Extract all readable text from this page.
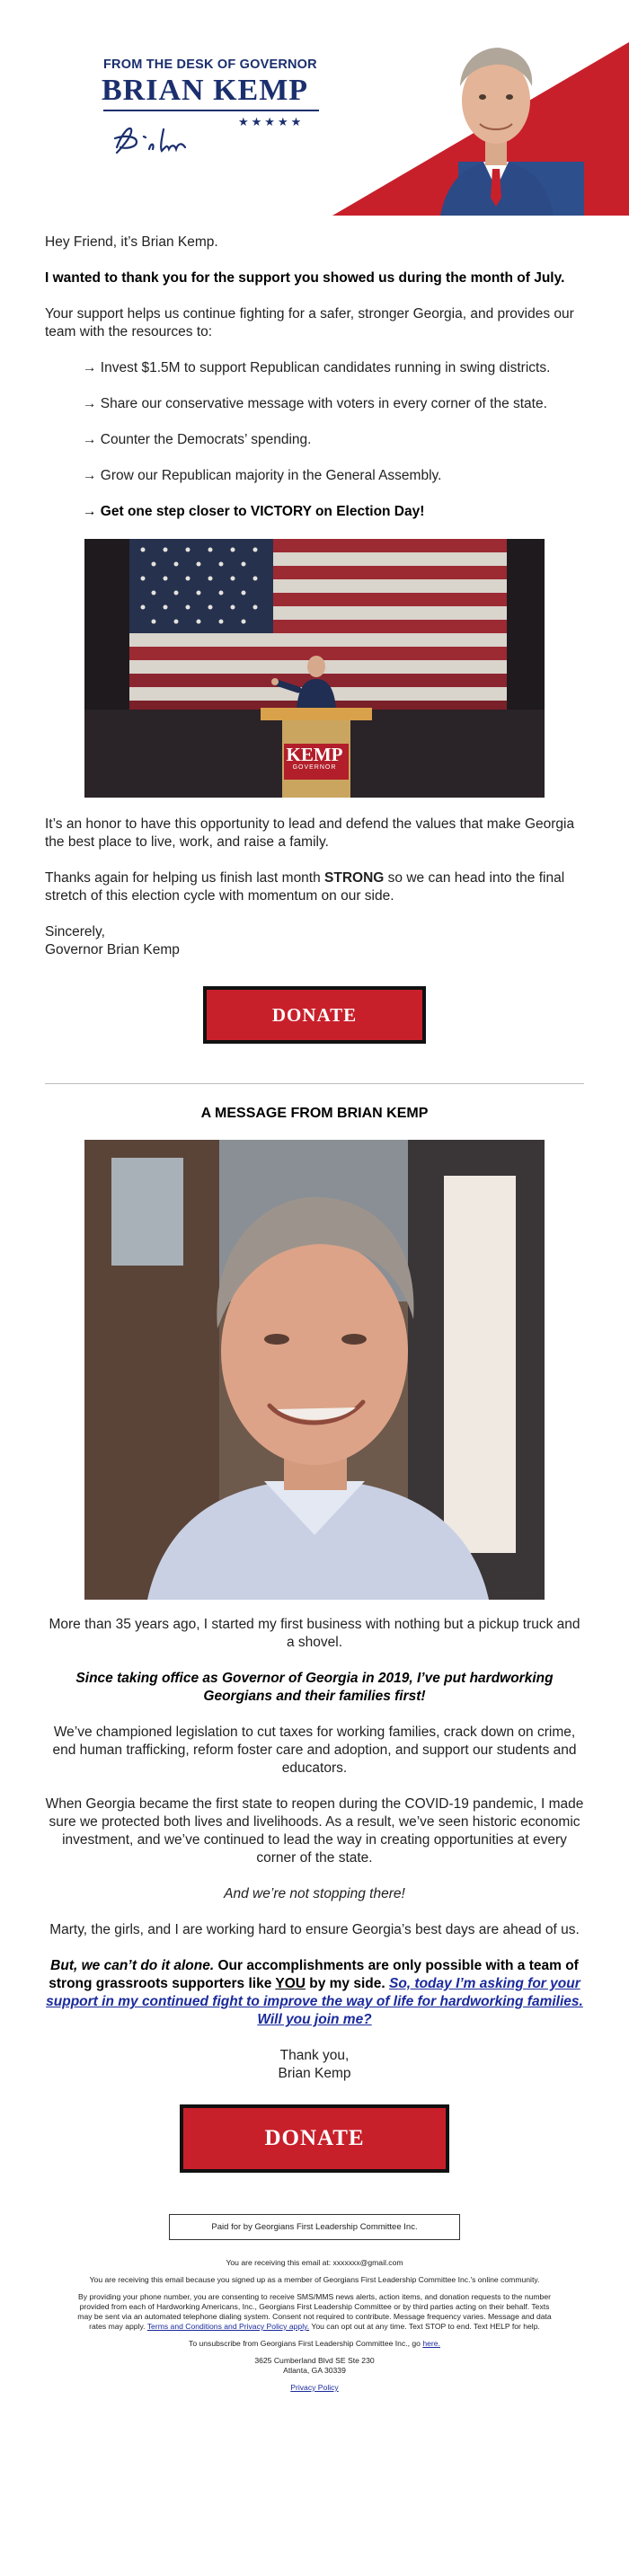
FROM THE DESK OF GOVERNOR
BRIAN KEMP
★★★★★

Hey Friend, it’s Brian Kemp.

I wanted to thank you for the support you showed us during the month of July.

Your support helps us continue fighting for a safer, stronger Georgia, and provides our team with the resources to:

→ Invest $1.5M to support Republican candidates running in swing districts.

→ Share our conservative message with voters in every corner of the state.

→ Counter the Democrats’ spending.

→ Grow our Republican majority in the General Assembly.

→ Get one step closer to VICTORY on Election Day!

KEMP
GOVERNOR

It’s an honor to have this opportunity to lead and defend the values that make Georgia the best place to live, work, and raise a family.

Thanks again for helping us finish last month STRONG so we can head into the final stretch of this election cycle with momentum on our side.

Sincerely,

Governor Brian Kemp

DONATE
A MESSAGE FROM BRIAN KEMP

More than 35 years ago, I started my first business with nothing but a pickup truck and a shovel.

Since taking office as Governor of Georgia in 2019, I’ve put hardworking Georgians and their families first!

We’ve championed legislation to cut taxes for working families, crack down on crime, end human trafficking, reform foster care and adoption, and support our students and educators.

When Georgia became the first state to reopen during the COVID-19 pandemic, I made sure we protected both lives and livelihoods. As a result, we’ve seen historic economic investment, and we’ve continued to lead the way in creating opportunities at every corner of the state.

And we’re not stopping there!

Marty, the girls, and I are working hard to ensure Georgia’s best days are ahead of us.

But, we can’t do it alone. Our accomplishments are only possible with a team of strong grassroots supporters like YOU by my side. So, today I’m asking for your support in my continued fight to improve the way of life for hardworking families. Will you join me?

Thank you,
Brian Kemp

DONATE
Paid for by Georgians First Leadership Committee Inc.

You are receiving this email at: xxxxxxx@gmail.com

You are receiving this email because you signed up as a member of Georgians First Leadership Committee Inc.'s online community.

By providing your phone number, you are consenting to receive SMS/MMS news alerts, action items, and donation requests to the number provided from each of Hardworking Americans, Inc., Georgians First Leadership Committee or by third parties acting on their behalf. Texts may be sent via an automated telephone dialing system. Consent not required to contribute. Message frequency varies. Message and data rates may apply. Terms and Conditions and Privacy Policy apply. You can opt out at any time. Text STOP to end. Text HELP for help.

To unsubscribe from Georgians First Leadership Committee Inc., go here.

3625 Cumberland Blvd SE Ste 230
Atlanta, GA 30339

Privacy Policy
